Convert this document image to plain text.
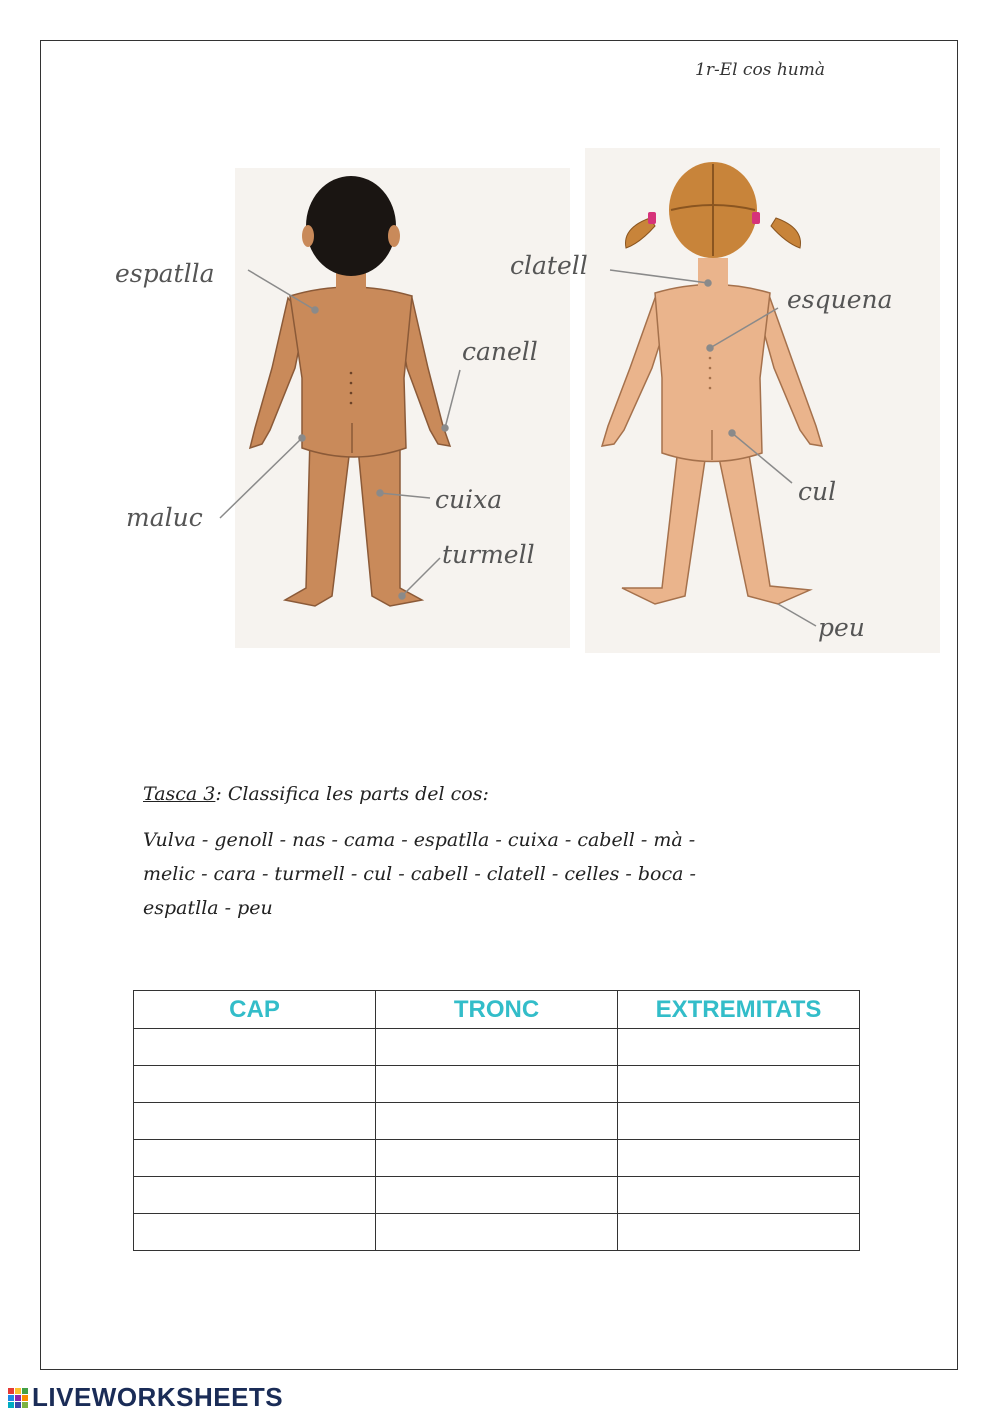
1r-El cos humà
espatlla
canell
maluc
cuixa
turmell
clatell
esquena
cul
peu
Tasca 3: Classifica les parts del cos:
Vulva - genoll - nas - cama - espatlla - cuixa - cabell - mà -
melic - cara - turmell - cul - cabell - clatell - celles - boca -
espatlla - peu
CAP	TRONC	EXTREMITATS

LIVEWORKSHEETS
